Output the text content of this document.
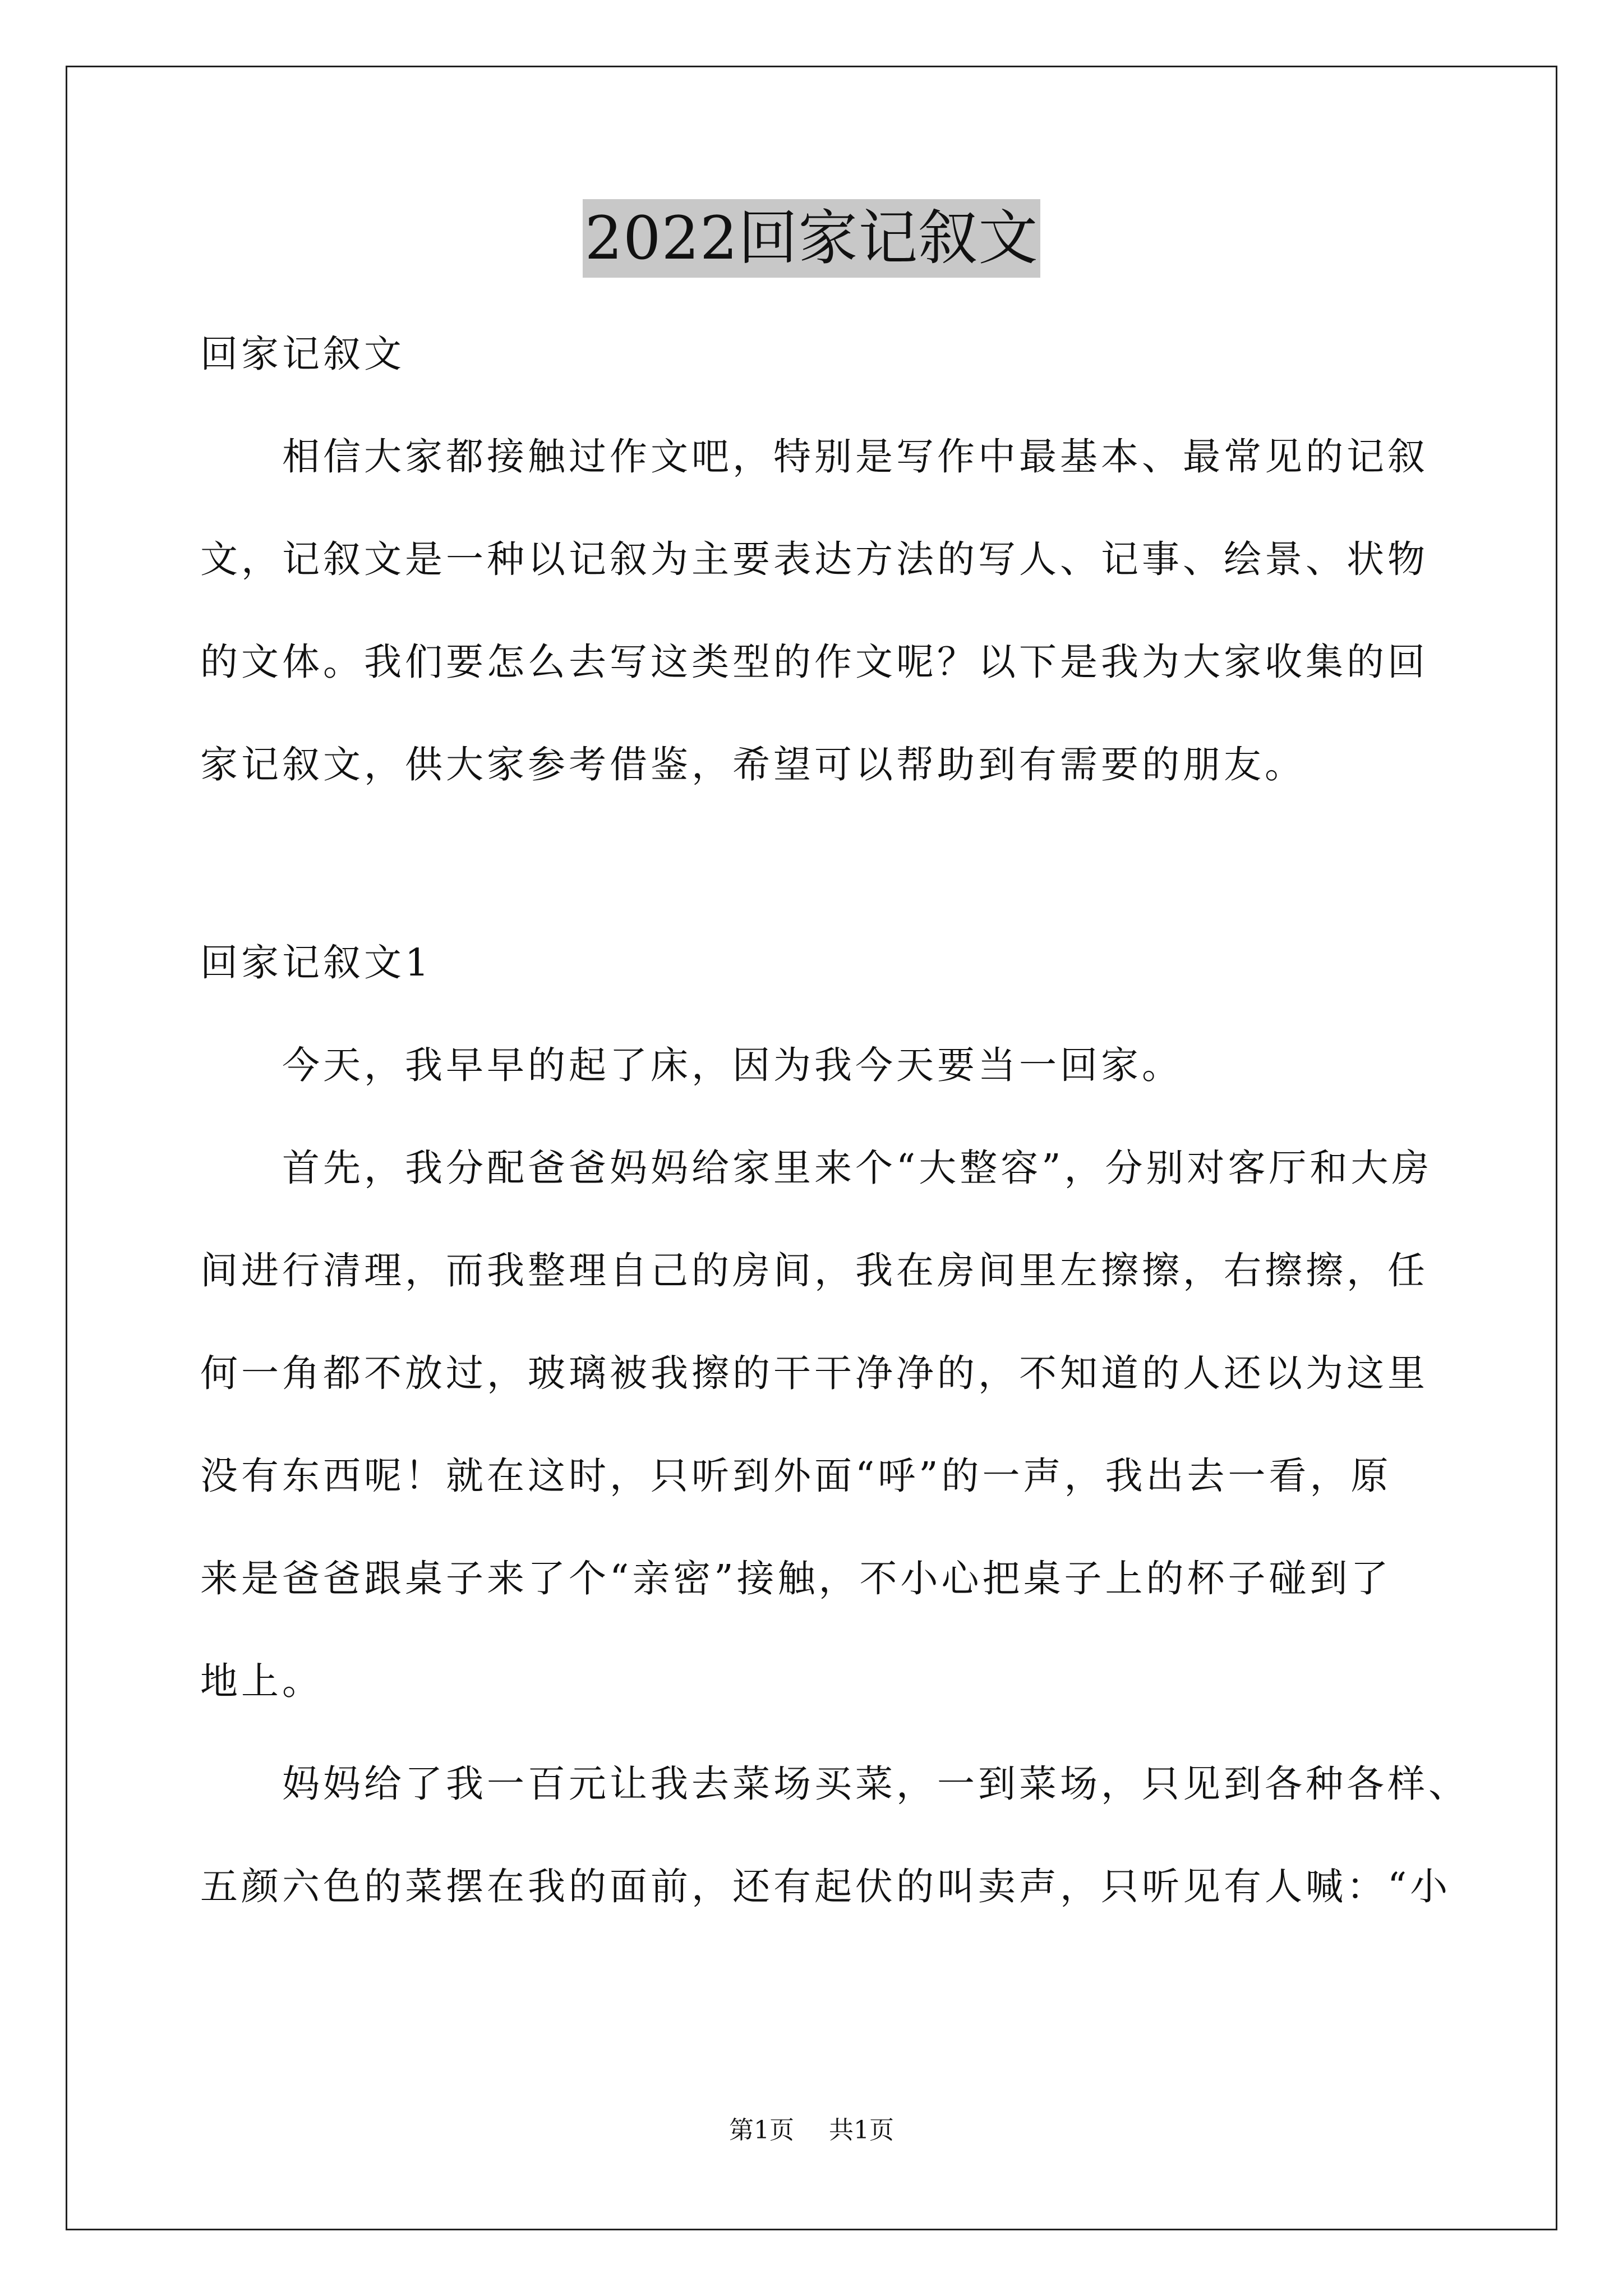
2022回家记叙文
回家记叙文
相信大家都接触过作文吧，特别是写作中最基本、最常见的记叙
文，记叙文是一种以记叙为主要表达方法的写人、记事、绘景、状物
的文体。我们要怎么去写这类型的作文呢？以下是我为大家收集的回
家记叙文，供大家参考借鉴，希望可以帮助到有需要的朋友。
回家记叙文1
今天，我早早的起了床，因为我今天要当一回家。
首先，我分配爸爸妈妈给家里来个“大整容”，分别对客厅和大房
间进行清理，而我整理自己的房间，我在房间里左擦擦，右擦擦，任
何一角都不放过，玻璃被我擦的干干净净的，不知道的人还以为这里
没有东西呢！就在这时，只听到外面“呼”的一声，我出去一看，原
来是爸爸跟桌子来了个“亲密”接触，不小心把桌子上的杯子碰到了
地上。
妈妈给了我一百元让我去菜场买菜，一到菜场，只见到各种各样、
五颜六色的菜摆在我的面前，还有起伏的叫卖声，只听见有人喊：“小
第1页 共1页
